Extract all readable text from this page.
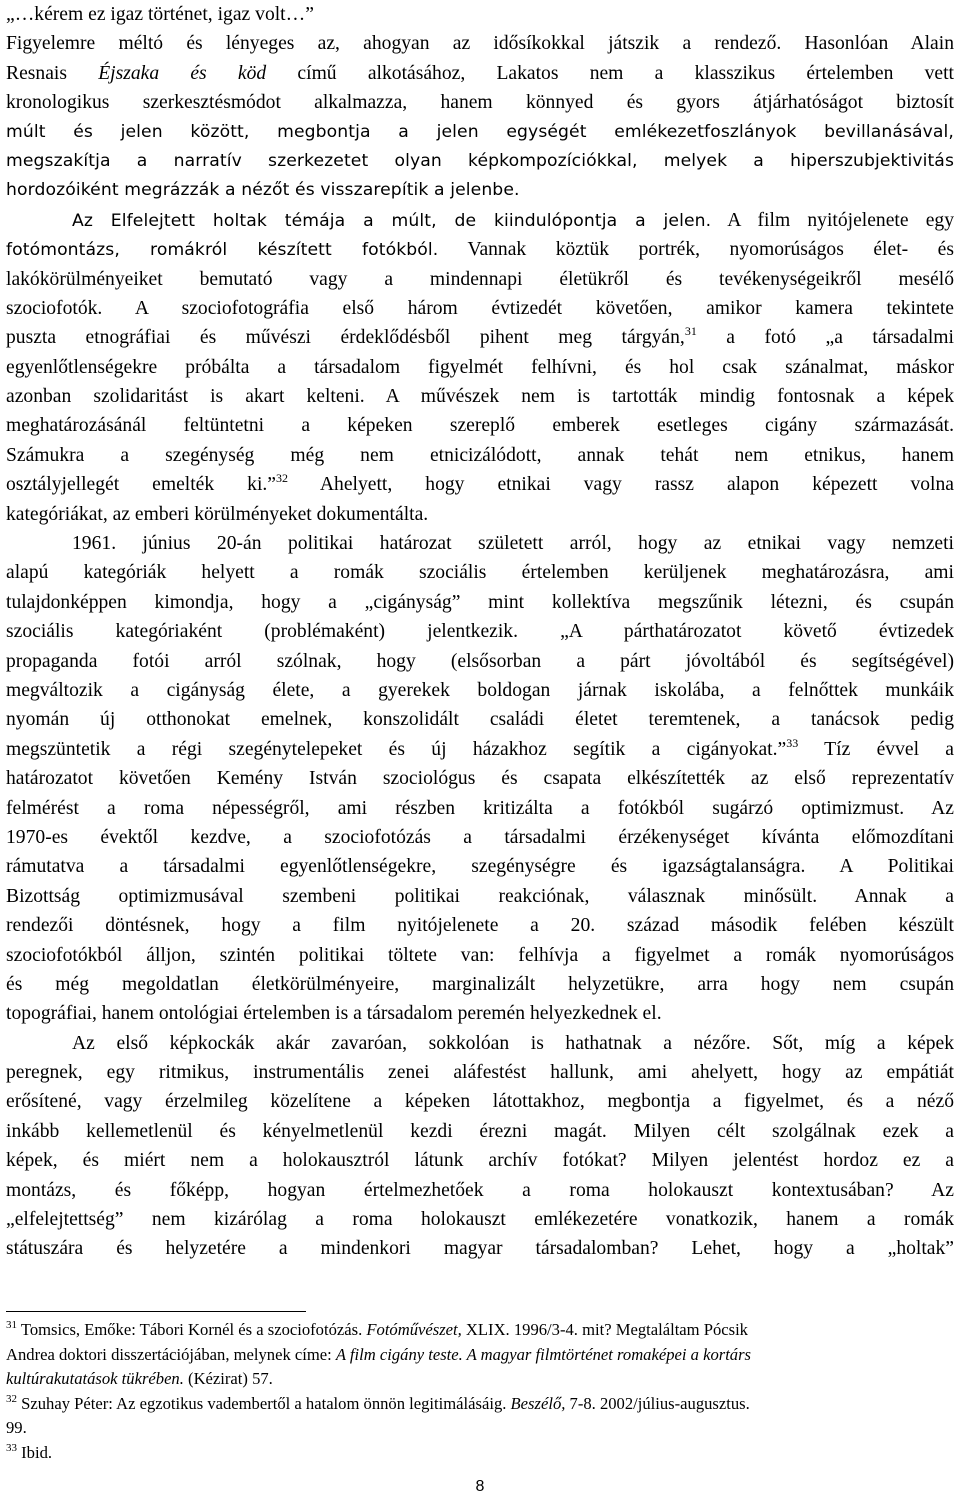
„…kérem ez igaz történet, igaz volt…”
Figyelemre méltó és lényeges az, ahogyan az idősíkokkal játszik a rendező. Hasonlóan Alain
Resnais Éjszaka és köd című alkotásához, Lakatos nem a klasszikus értelemben vett
kronologikus szerkesztésmódot alkalmazza, hanem könnyed és gyors átjárhatóságot biztosít
múlt és jelen között, megbontja a jelen egységét emlékezetfoszlányok bevillanásával,
megszakítja a narratív szerkezetet olyan képkompozíciókkal, melyek a hiperszubjektivitás
hordozóiként megrázzák a nézőt és visszarepítik a jelenbe.
Az Elfelejtett holtak témája a múlt, de kiindulópontja a jelen. A film nyitójelenete egy
fotómontázs, romákról készített fotókból. Vannak köztük portrék, nyomorúságos élet- és
lakókörülményeiket bemutató vagy a mindennapi életükről és tevékenységeikről mesélő
szociofotók. A szociofotográfia első három évtizedét követően, amikor kamera tekintete
puszta etnográfiai és művészi érdeklődésből pihent meg tárgyán,$^{31}$ a fotó „a társadalmi
egyenlőtlenségekre próbálta a társadalom figyelmét felhívni, és hol csak szánalmat, máskor
azonban szolidaritást is akart kelteni. A művészek nem is tartották mindig fontosnak a képek
meghatározásánál feltüntetni a képeken szereplő emberek esetleges cigány származását.
Számukra a szegénység még nem etnicizálódott, annak tehát nem etnikus, hanem
osztályjellegét emelték ki.”$^{32}$ Ahelyett, hogy etnikai vagy rassz alapon képezett volna
kategóriákat, az emberi körülményeket dokumentálta.
1961. június 20-án politikai határozat született arról, hogy az etnikai vagy nemzeti
alapú kategóriák helyett a romák szociális értelemben kerüljenek meghatározásra, ami
tulajdonképpen kimondja, hogy a „cigányság” mint kollektíva megszűnik létezni, és csupán
szociális kategóriaként (problémaként) jelentkezik. „A párthatározatot követő évtizedek
propaganda fotói arról szólnak, hogy (elsősorban a párt jóvoltából és segítségével)
megváltozik a cigányság élete, a gyerekek boldogan járnak iskolába, a felnőttek munkáik
nyomán új otthonokat emelnek, konszolidált családi életet teremtenek, a tanácsok pedig
megszüntetik a régi szegénytelepeket és új házakhoz segítik a cigányokat.”$^{33}$ Tíz évvel a
határozatot követően Kemény István szociológus és csapata elkészítették az első reprezentatív
felmérést a roma népességről, ami részben kritizálta a fotókból sugárzó optimizmust. Az
1970-es évektől kezdve, a szociofotózás a társadalmi érzékenységet kívánta előmozdítani
rámutatva a társadalmi egyenlőtlenségekre, szegénységre és igazságtalanságra. A Politikai
Bizottság optimizmusával szembeni politikai reakciónak, válasznak minősült. Annak a
rendezői döntésnek, hogy a film nyitójelenete a 20. század második felében készült
szociofotókból álljon, szintén politikai töltete van: felhívja a figyelmet a romák nyomorúságos
és még megoldatlan életkörülményeire, marginalizált helyzetükre, arra hogy nem csupán
topográfiai, hanem ontológiai értelemben is a társadalom peremén helyezkednek el.
Az első képkockák akár zavaróan, sokkolóan is hathatnak a nézőre. Sőt, míg a képek
peregnek, egy ritmikus, instrumentális zenei aláfestést hallunk, ami ahelyett, hogy az empátiát
erősítené, vagy érzelmileg közelítene a képeken látottakhoz, megbontja a figyelmet, és a néző
inkább kellemetlenül és kényelmetlenül kezdi érezni magát. Milyen célt szolgálnak ezek a
képek, és miért nem a holokausztról látunk archív fotókat? Milyen jelentést hordoz ez a
montázs, és főképp, hogyan értelmezhetőek a roma holokauszt kontextusában? Az
„elfelejtettség” nem kizárólag a roma holokauszt emlékezetére vonatkozik, hanem a romák
státuszára és helyzetére a mindenkori magyar társadalomban? Lehet, hogy a „holtak”
$^{31}$ Tomsics, Emőke: Tábori Kornél és a szociofotózás. Fotóművészet, XLIX. 1996/3-4. mit? Megtaláltam Pócsik
Andrea doktori disszertációjában, melynek címe: A film cigány teste. A magyar filmtörténet romaképei a kortárs
kultúrakutatások tükrében. (Kézirat) 57.
$^{32}$ Szuhay Péter: Az egzotikus vadembertől a hatalom önnön legitimálásáig. Beszélő, 7-8. 2002/július-augusztus.
99.
$^{33}$ Ibid.
8
